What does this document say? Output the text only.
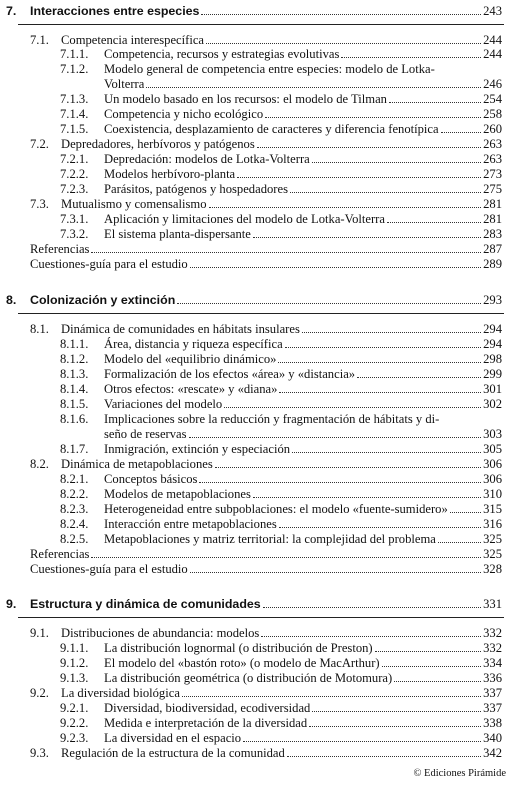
7.	Interacciones entre especies	243
7.1. Competencia interespecífica	244
7.1.1.	Competencia, recursos y estrategias evolutivas	244
7.1.2.	Modelo general de competencia entre especies: modelo de Lotka-
Volterra	246
7.1.3.	Un modelo basado en los recursos: el modelo de Tilman	254
7.1.4.	Competencia y nicho ecológico	258
7.1.5.	Coexistencia, desplazamiento de caracteres y diferencia fenotípica	260
7.2. Depredadores, herbívoros y patógenos	263
7.2.1.	Depredación: modelos de Lotka-Volterra	263
7.2.2.	Modelos herbívoro-planta	273
7.2.3.	Parásitos, patógenos y hospedadores	275
7.3. Mutualismo y comensalismo	281
7.3.1.	Aplicación y limitaciones del modelo de Lotka-Volterra	281
7.3.2.	El sistema planta-dispersante	283
Referencias	287
Cuestiones-guía para el estudio	289
8.	Colonización y extinción	293
8.1. Dinámica de comunidades en hábitats insulares	294
8.1.1.	Área, distancia y riqueza específica	294
8.1.2.	Modelo del «equilibrio dinámico»	298
8.1.3.	Formalización de los efectos «área» y «distancia»	299
8.1.4.	Otros efectos: «rescate» y «diana»	301
8.1.5.	Variaciones del modelo	302
8.1.6.	Implicaciones sobre la reducción y fragmentación de hábitats y di-
seño de reservas	303
8.1.7.	Inmigración, extinción y especiación	305
8.2. Dinámica de metapoblaciones	306
8.2.1.	Conceptos básicos	306
8.2.2.	Modelos de metapoblaciones	310
8.2.3.	Heterogeneidad entre subpoblaciones: el modelo «fuente-sumidero»	315
8.2.4.	Interacción entre metapoblaciones	316
8.2.5.	Metapoblaciones y matriz territorial: la complejidad del problema	325
Referencias	325
Cuestiones-guía para el estudio	328
9.	Estructura y dinámica de comunidades	331
9.1. Distribuciones de abundancia: modelos	332
9.1.1.	La distribución lognormal (o distribución de Preston)	332
9.1.2.	El modelo del «bastón roto» (o modelo de MacArthur)	334
9.1.3.	La distribución geométrica (o distribución de Motomura)	336
9.2. La diversidad biológica	337
9.2.1.	Diversidad, biodiversidad, ecodiversidad	337
9.2.2.	Medida e interpretación de la diversidad	338
9.2.3.	La diversidad en el espacio	340
9.3. Regulación de la estructura de la comunidad	342
© Ediciones Pirámide
